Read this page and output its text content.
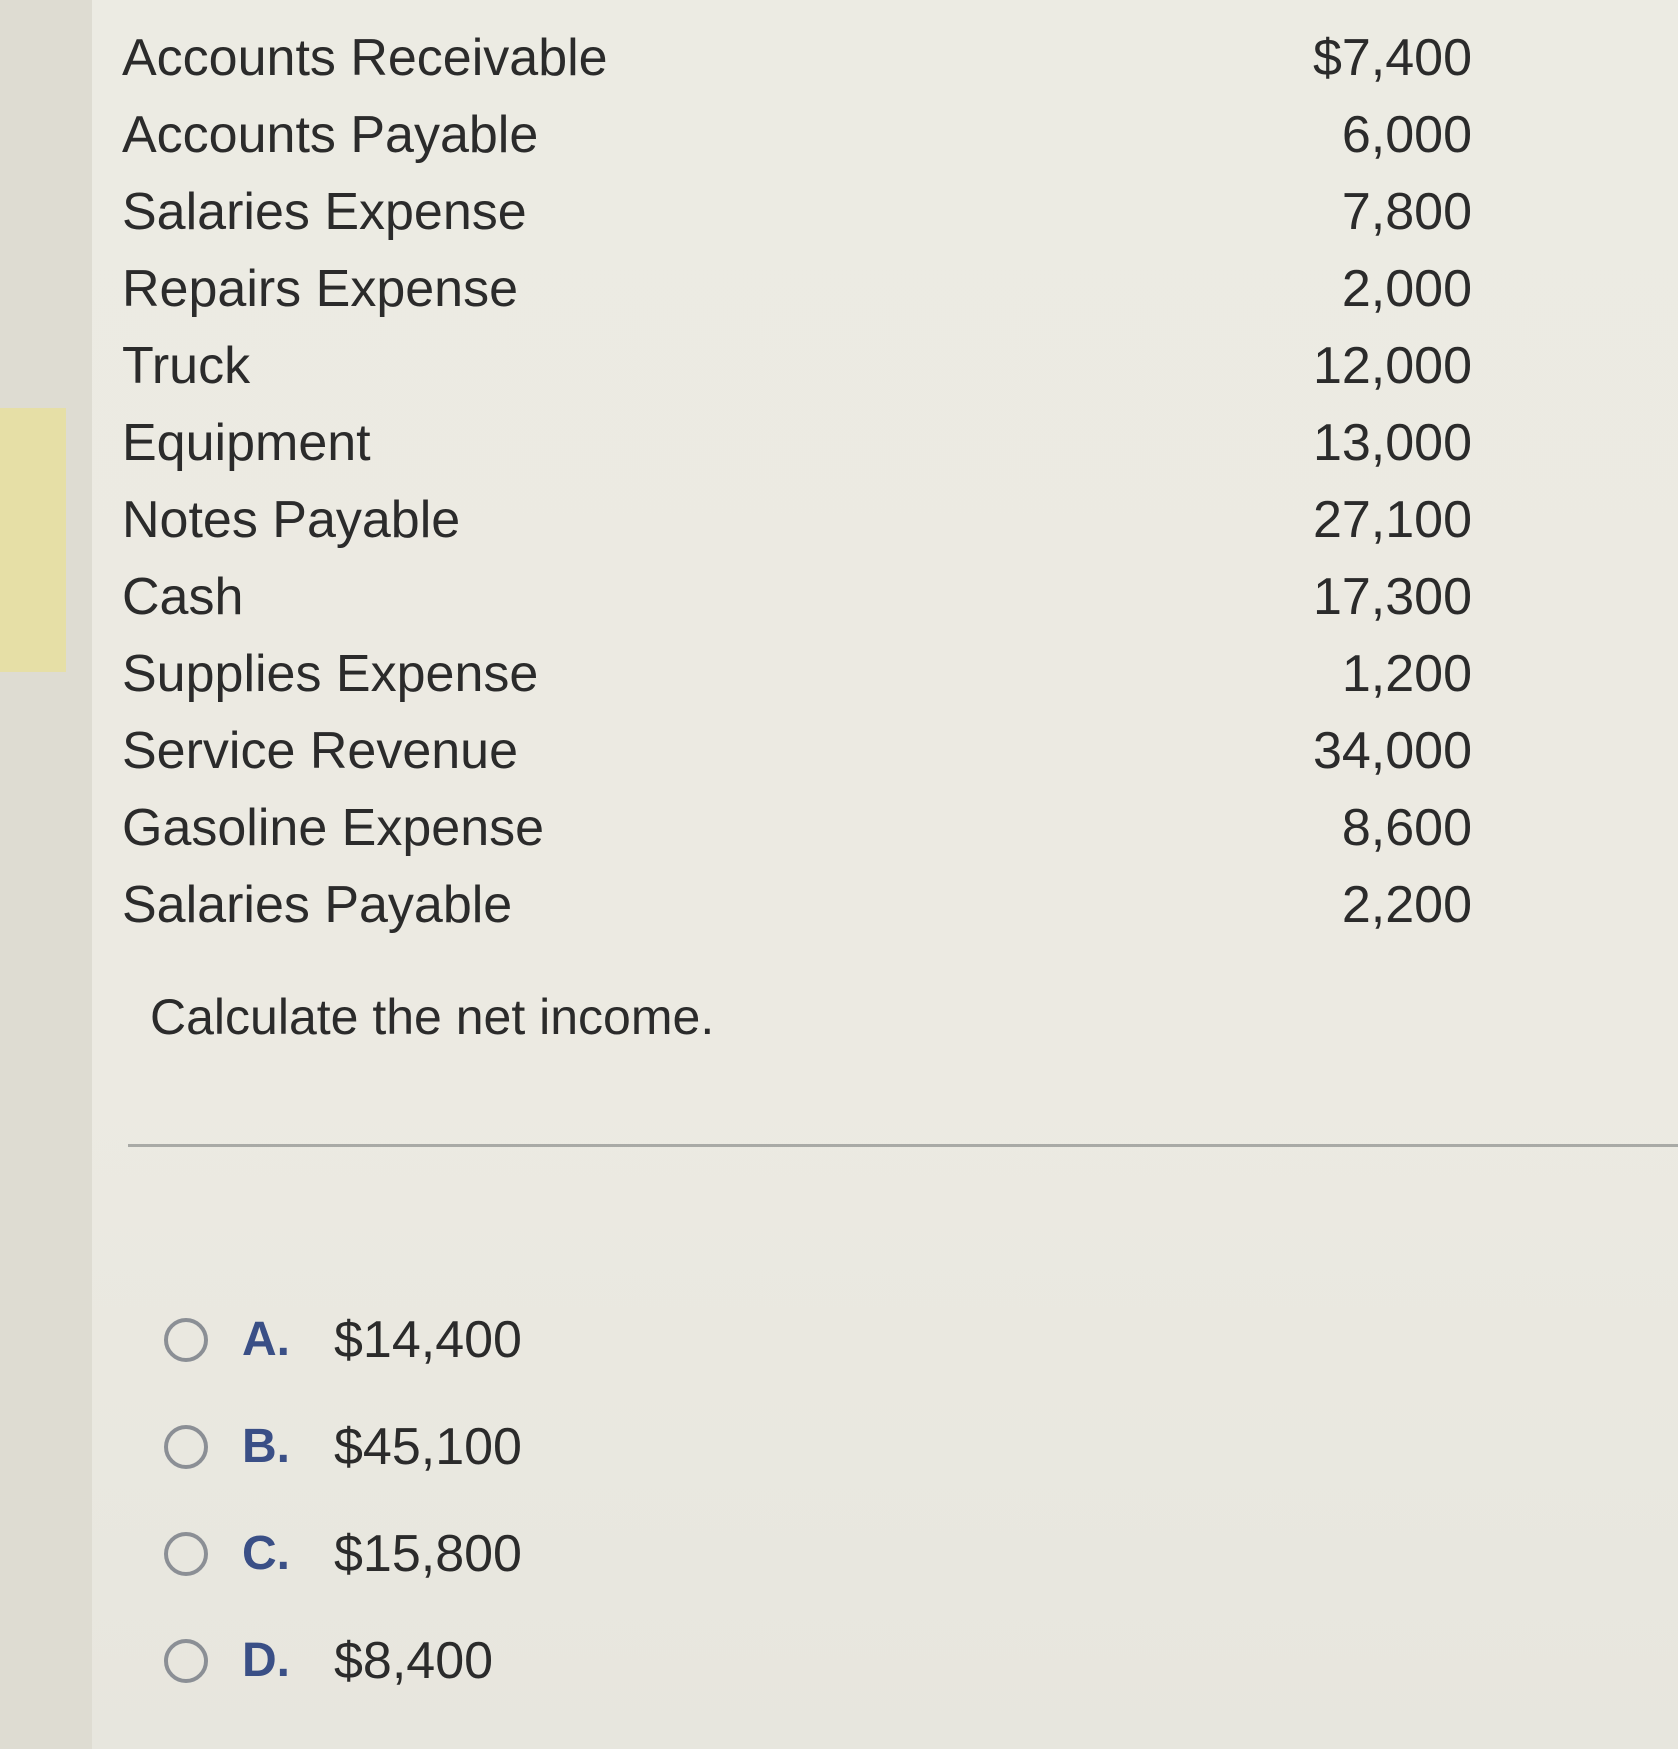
Accounts Receivable	$7,400
Accounts Payable	6,000
Salaries Expense	7,800
Repairs Expense	2,000
Truck	12,000
Equipment	13,000
Notes Payable	27,100
Cash	17,300
Supplies Expense	1,200
Service Revenue	34,000
Gasoline Expense	8,600
Salaries Payable	2,200
Calculate the net income.
A. $14,400
B. $45,100
C. $15,800
D. $8,400
